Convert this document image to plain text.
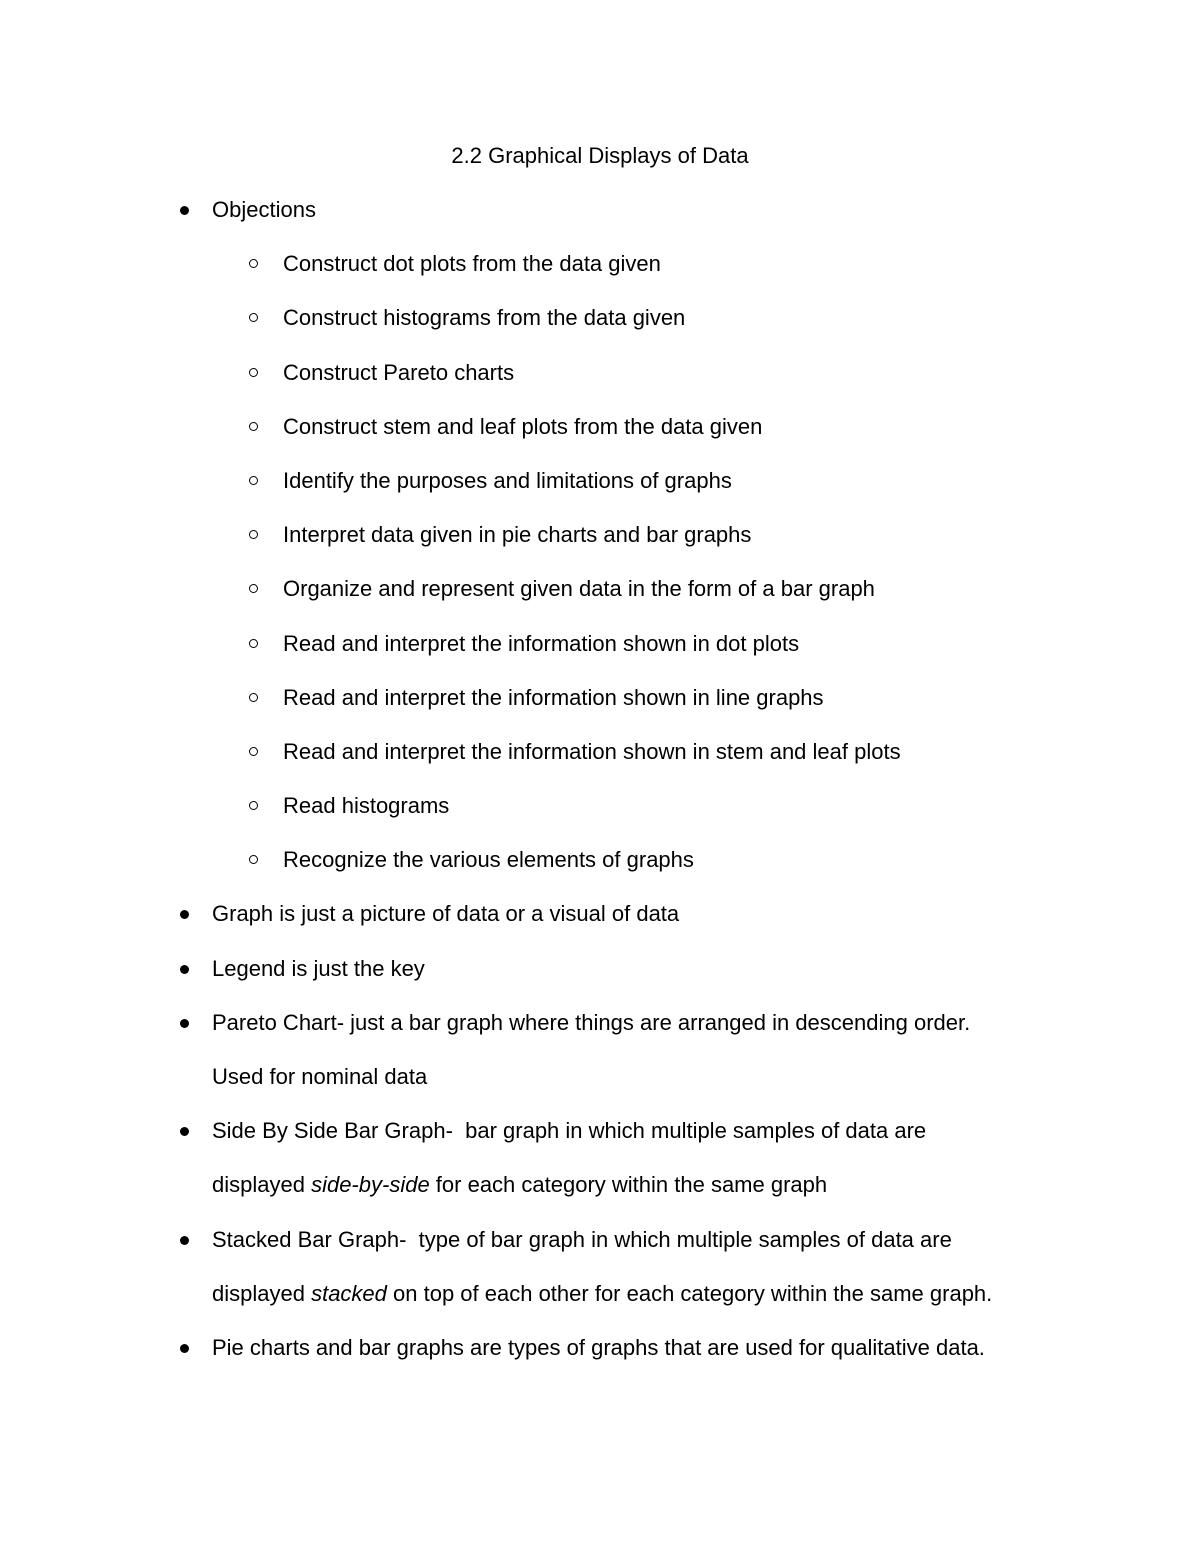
2.2 Graphical Displays of Data
Objections
Construct dot plots from the data given
Construct histograms from the data given
Construct Pareto charts
Construct stem and leaf plots from the data given
Identify the purposes and limitations of graphs
Interpret data given in pie charts and bar graphs
Organize and represent given data in the form of a bar graph
Read and interpret the information shown in dot plots
Read and interpret the information shown in line graphs
Read and interpret the information shown in stem and leaf plots
Read histograms
Recognize the various elements of graphs
Graph is just a picture of data or a visual of data
Legend is just the key
Pareto Chart- just a bar graph where things are arranged in descending order.
Used for nominal data
Side By Side Bar Graph-  bar graph in which multiple samples of data are
displayed side-by-side for each category within the same graph
Stacked Bar Graph-  type of bar graph in which multiple samples of data are
displayed stacked on top of each other for each category within the same graph.
Pie charts and bar graphs are types of graphs that are used for qualitative data.
